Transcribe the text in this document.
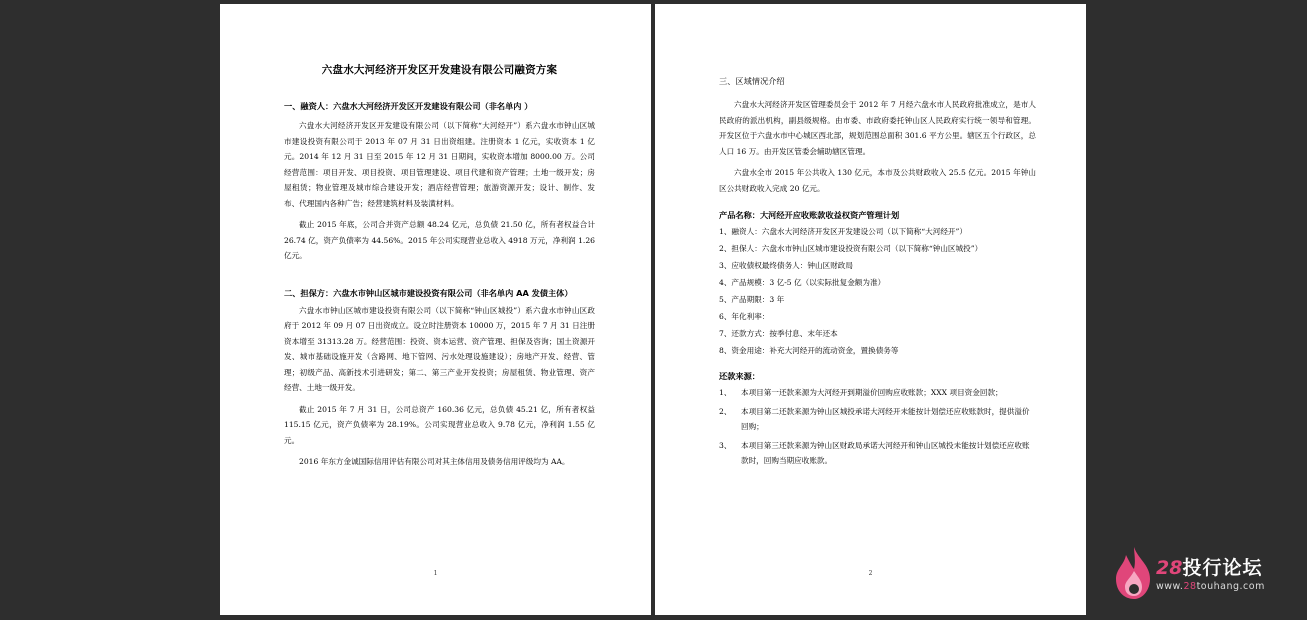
六盘水大河经济开发区开发建设有限公司融资方案

一、融资人：六盘水大河经济开发区开发建设有限公司（非名单内 ）

六盘水大河经济开发区开发建设有限公司（以下简称“大河经开”）系六盘水市钟山区城市建设投资有限公司于 2013 年 07 月 31 日出资组建。注册资本 1 亿元，实收资本 1 亿元。2014 年 12 月 31 日至 2015 年 12 月 31 日期间，实收资本增加 8000.00 万。公司经营范围：项目开发、项目投资、项目管理建设、项目代建和资产管理；土地一级开发；房屋租赁；物业管理及城市综合建设开发；酒店经营管理；旅游资源开发；设计、制作、发布、代理国内各种广告；经营建筑材料及装潢材料。

截止 2015 年底，公司合并资产总额 48.24 亿元，总负债 21.50 亿，所有者权益合计 26.74 亿，资产负债率为 44.56%。2015 年公司实现营业总收入 4918 万元，净利润 1.26 亿元。

二、担保方：六盘水市钟山区城市建设投资有限公司（非名单内 AA 发债主体）

六盘水市钟山区城市建设投资有限公司（以下简称“钟山区城投”）系六盘水市钟山区政府于 2012 年 09 月 07 日出资成立。设立时注册资本 10000 万，2015 年 7 月 31 日注册资本增至 31313.28 万。经营范围：投资、资本运营、资产管理、担保及咨询；国土资源开发、城市基础设施开发（含路网、地下管网、污水处理设施建设）；房地产开发、经营、管理；初级产品、高新技术引进研发；第二、第三产业开发投资；房屋租赁、物业管理、资产经营、土地一级开发。

截止 2015 年 7 月 31 日，公司总资产 160.36 亿元，总负债 45.21 亿，所有者权益 115.15 亿元，资产负债率为 28.19%。公司实现营业总收入 9.78 亿元，净利润 1.55 亿元。

2016 年东方金诚国际信用评估有限公司对其主体信用及债务信用评级均为 AA。

1

三、区域情况介绍

六盘水大河经济开发区管理委员会于 2012 年 7 月经六盘水市人民政府批准成立，是市人民政府的派出机构，副县级规格。由市委、市政府委托钟山区人民政府实行统一领导和管理。开发区位于六盘水市中心城区西北部，规划范围总面积 301.6 平方公里。辖区五个行政区，总人口 16 万。由开发区管委会辅助辖区管理。

六盘水全市 2015 年公共收入 130 亿元，本市及公共财政收入 25.5 亿元。2015 年钟山区公共财政收入完成 20 亿元。

产品名称：大河经开应收账款收益权资产管理计划

1、融资人：六盘水大河经济开发区开发建设公司（以下简称“大河经开”）

2、担保人：六盘水市钟山区城市建设投资有限公司（以下简称“钟山区城投”）

3、应收债权最终债务人：钟山区财政局

4、产品规模：3 亿-5 亿（以实际批复金额为准）

5、产品期限：3 年

6、年化利率：

7、还款方式：按季付息、末年还本

8、资金用途：补充大河经开的流动资金，置换债务等

还款来源：

1、	本项目第一还款来源为大河经开到期溢价回购应收账款；XXX 项目资金回款；
2、	本项目第二还款来源为钟山区城投承诺大河经开未能按计划偿还应收账款时，提供溢价回购；
3、	本项目第三还款来源为钟山区财政局承诺大河经开和钟山区城投未能按计划偿还应收账款时，回购当期应收账款。
2	28投行论坛
www.28touhang.com
